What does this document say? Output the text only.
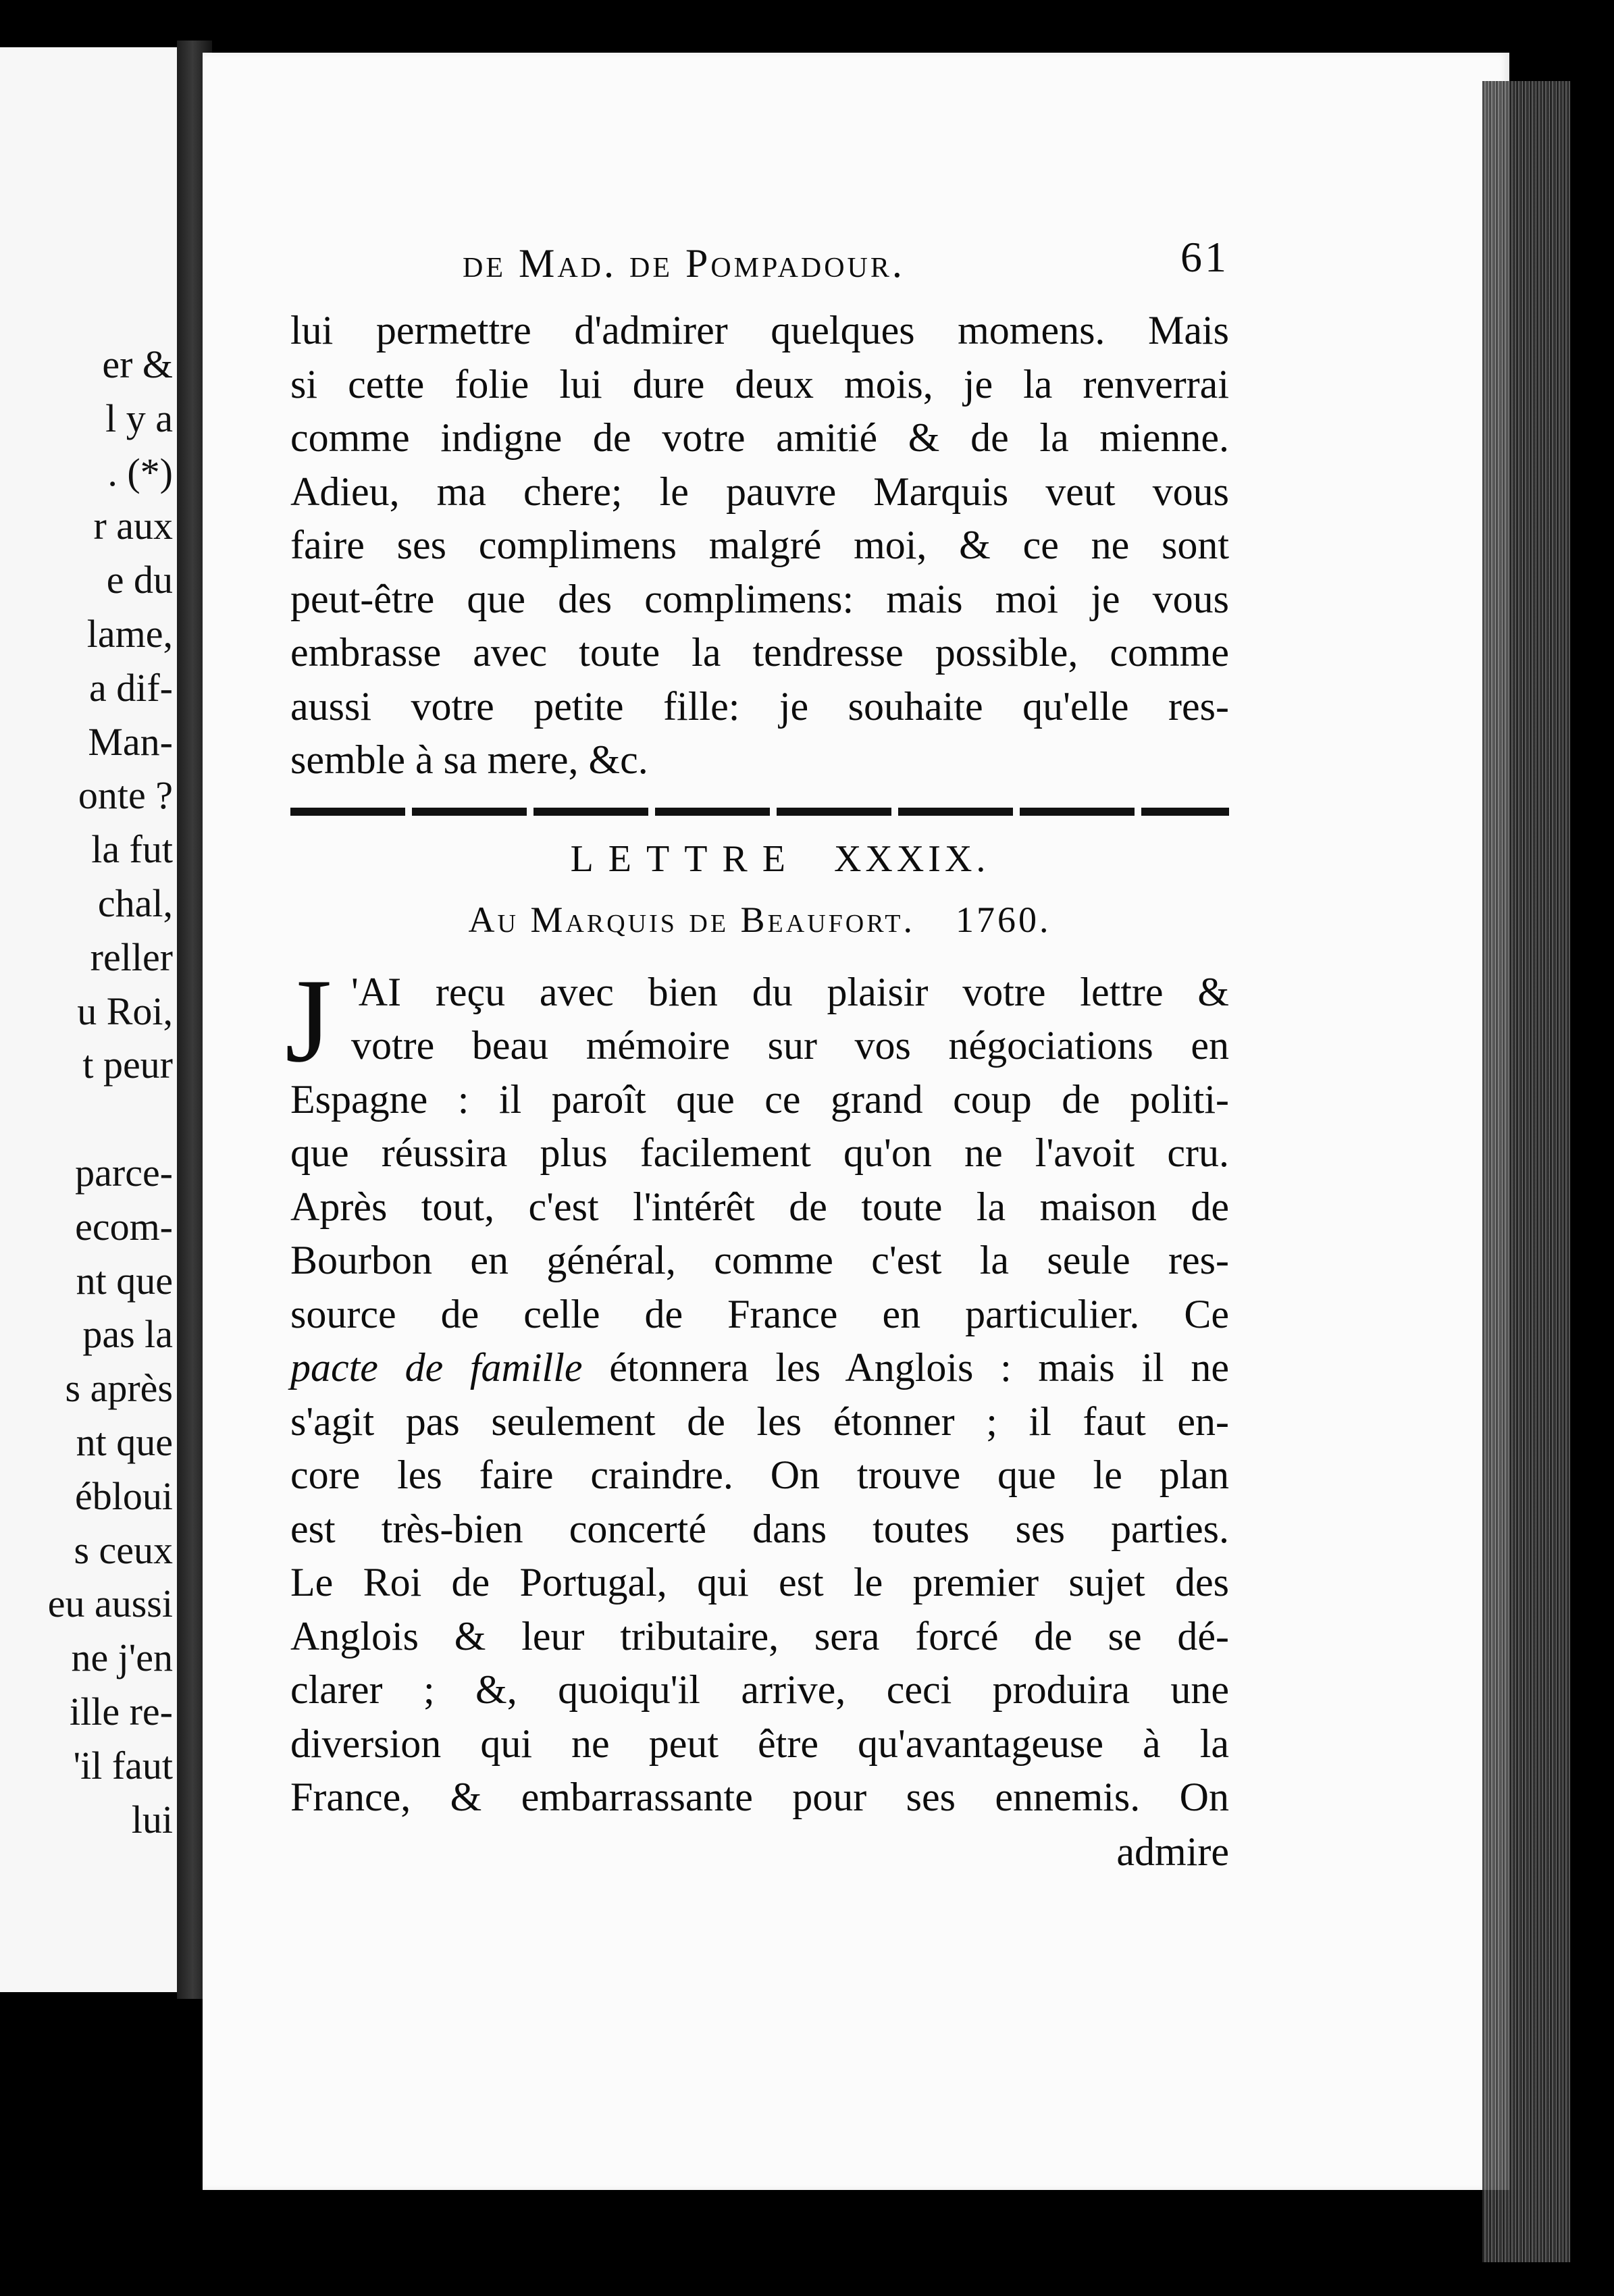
er &
l y a
. (*)
r aux
e du
lame,
a dif-
Man-
onte ?
la fut
chal,
reller
u Roi,
t peur
parce-
ecom-
nt que
pas la
s après
nt que
ébloui
s ceux
eu aussi
ne j'en
ille re-
'il faut
lui
de Mad. de Pompadour.	61
lui permettre d'admirer quelques momens. Mais
si cette folie lui dure deux mois, je la renverrai
comme indigne de votre amitié & de la mienne.
Adieu, ma chere; le pauvre Marquis veut vous
faire ses complimens malgré moi, & ce ne sont
peut-être que des complimens: mais moi je vous
embrasse avec toute la tendresse possible, comme
aussi votre petite fille: je souhaite qu'elle res-
semble à sa mere, &c.
LETTRE XXXIX.
Au Marquis de Beaufort. 1760.
J 'AI reçu avec bien du plaisir votre lettre &
votre beau mémoire sur vos négociations en
Espagne : il paroît que ce grand coup de politi-
que réussira plus facilement qu'on ne l'avoit cru.
Après tout, c'est l'intérêt de toute la maison de
Bourbon en général, comme c'est la seule res-
source de celle de France en particulier. Ce
pacte de famille étonnera les Anglois : mais il ne
s'agit pas seulement de les étonner ; il faut en-
core les faire craindre. On trouve que le plan
est très-bien concerté dans toutes ses parties.
Le Roi de Portugal, qui est le premier sujet des
Anglois & leur tributaire, sera forcé de se dé-
clarer ; &, quoiqu'il arrive, ceci produira une
diversion qui ne peut être qu'avantageuse à la
France, & embarrassante pour ses ennemis. On
admire
